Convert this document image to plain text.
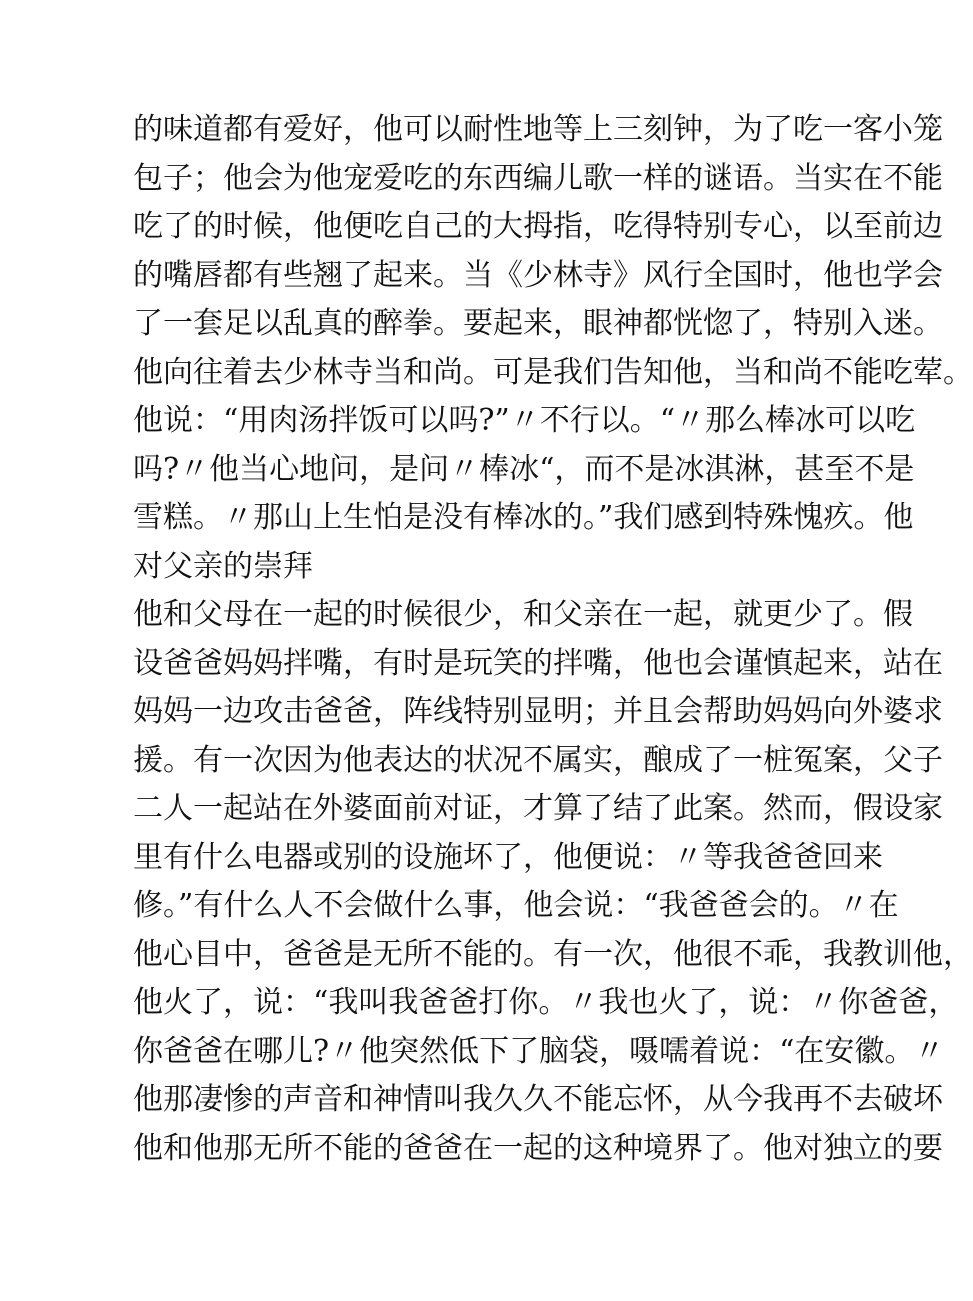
的味道都有爱好，他可以耐性地等上三刻钟，为了吃一客小笼
包子；他会为他宠爱吃的东西编儿歌一样的谜语。当实在不能
吃了的时候，他便吃自己的大拇指，吃得特别专心，以至前边
的嘴唇都有些翘了起来。当《少林寺》风行全国时，他也学会
了一套足以乱真的醉拳。要起来，眼神都恍惚了，特别入迷。
他向往着去少林寺当和尚。可是我们告知他，当和尚不能吃荤。
他说：“用肉汤拌饭可以吗?”〃不行以。“〃那么棒冰可以吃
吗?〃他当心地问，是问〃棒冰“，而不是冰淇淋，甚至不是
雪糕。〃那山上生怕是没有棒冰的。”我们感到特殊愧疚。他
对父亲的崇拜
他和父母在一起的时候很少，和父亲在一起，就更少了。假
设爸爸妈妈拌嘴，有时是玩笑的拌嘴，他也会谨慎起来，站在
妈妈一边攻击爸爸，阵线特别显明；并且会帮助妈妈向外婆求
援。有一次因为他表达的状况不属实，酿成了一桩冤案，父子
二人一起站在外婆面前对证，才算了结了此案。然而，假设家
里有什么电器或别的设施坏了，他便说：〃等我爸爸回来
修。”有什么人不会做什么事，他会说：“我爸爸会的。〃在
他心目中，爸爸是无所不能的。有一次，他很不乖，我教训他，
他火了，说：“我叫我爸爸打你。〃我也火了，说：〃你爸爸，
你爸爸在哪儿?〃他突然低下了脑袋，嗫嚅着说：“在安徽。〃
他那凄惨的声音和神情叫我久久不能忘怀，从今我再不去破坏
他和他那无所不能的爸爸在一起的这种境界了。他对独立的要
